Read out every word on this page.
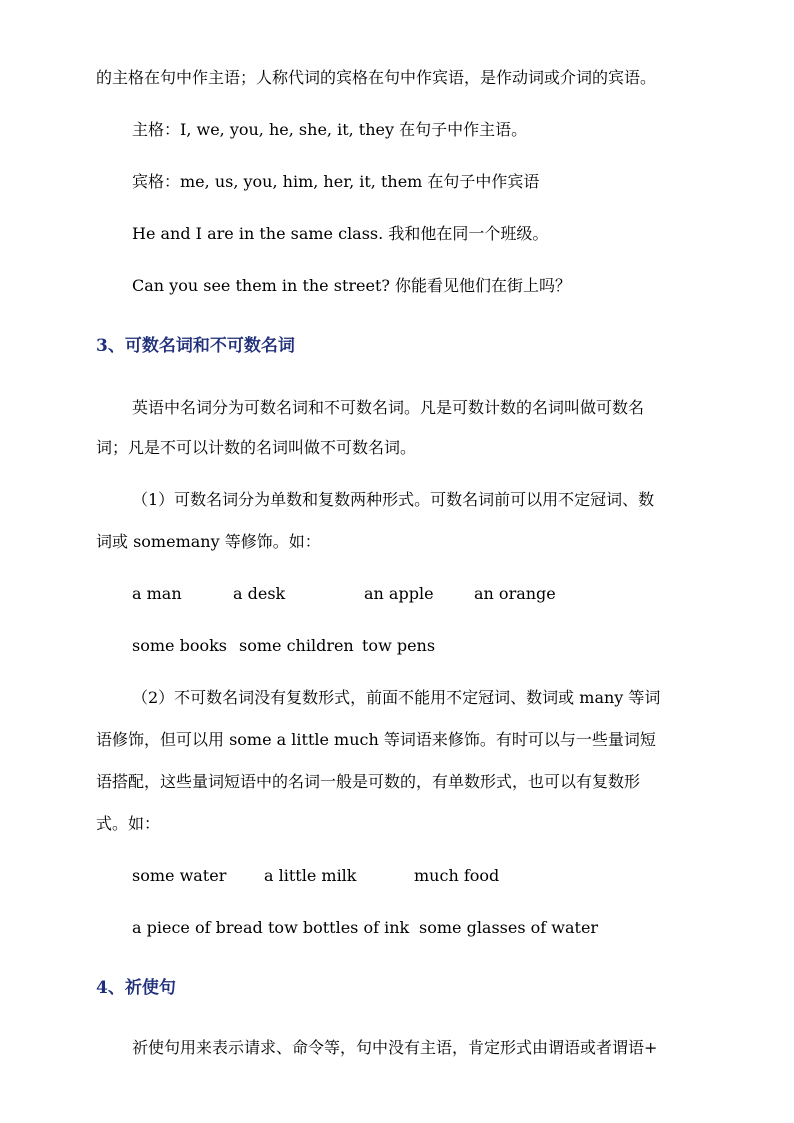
的主格在句中作主语；人称代词的宾格在句中作宾语，是作动词或介词的宾语。
主格：I, we, you, he, she, it, they 在句子中作主语。
宾格：me, us, you, him, her, it, them 在句子中作宾语
He and I are in the same class. 我和他在同一个班级。
Can you see them in the street? 你能看见他们在街上吗？
3、可数名词和不可数名词
英语中名词分为可数名词和不可数名词。凡是可数计数的名词叫做可数名
词；凡是不可以计数的名词叫做不可数名词。
（1）可数名词分为单数和复数两种形式。可数名词前可以用不定冠词、数
词或 somemany 等修饰。如：
a man	a desk	an apple	an orange
some books some children tow pens
（2）不可数名词没有复数形式，前面不能用不定冠词、数词或 many 等词
语修饰，但可以用 some a little much 等词语来修饰。有时可以与一些量词短
语搭配，这些量词短语中的名词一般是可数的，有单数形式，也可以有复数形
式。如：
some water a little milk	much food
a piece of bread tow bottles of ink some glasses of water
4、祈使句
祈使句用来表示请求、命令等，句中没有主语，肯定形式由谓语或者谓语+
